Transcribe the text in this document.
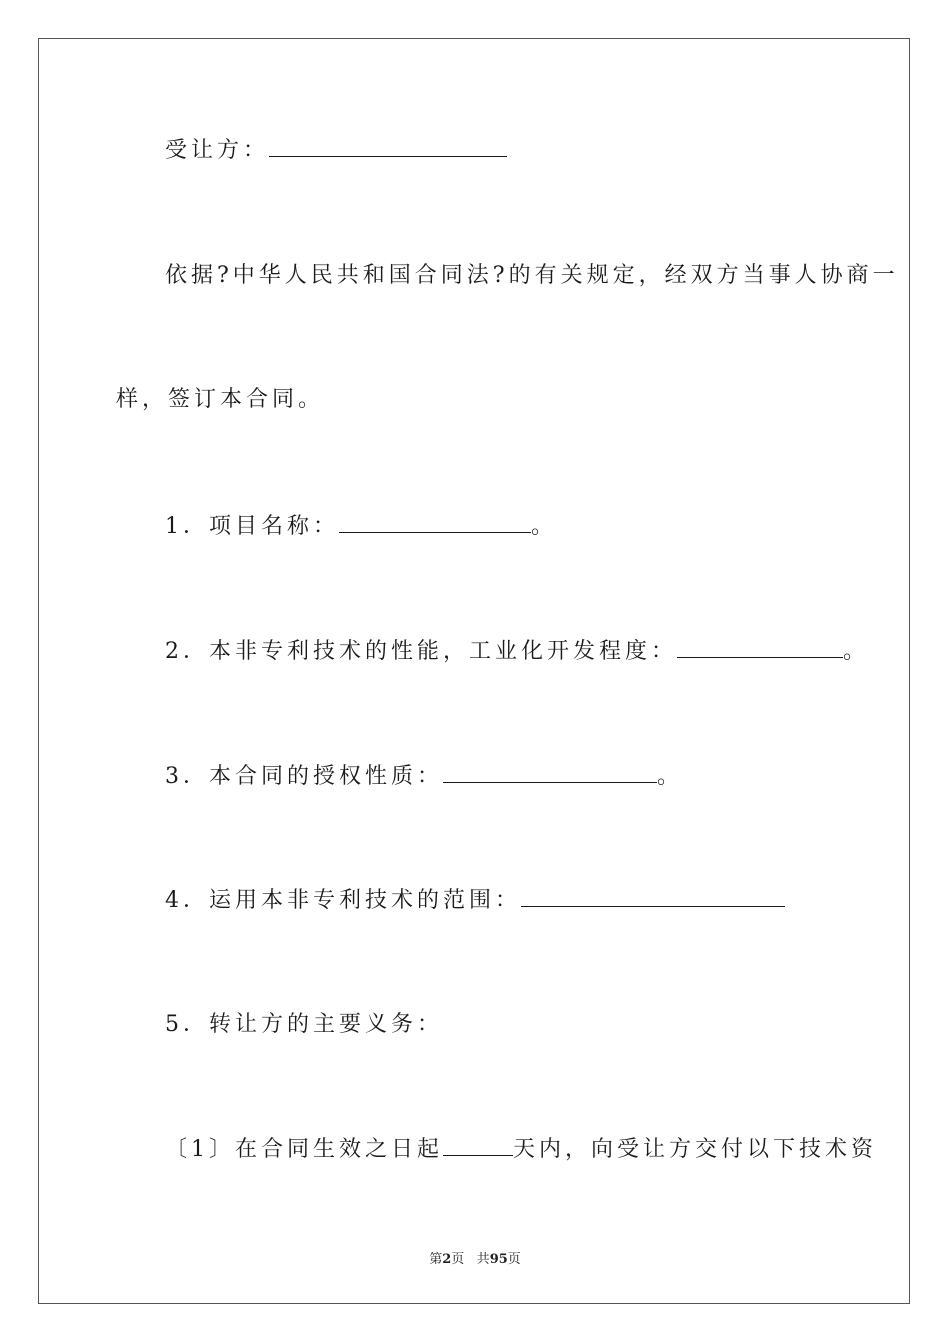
受让方：
依据?中华人民共和国合同法?的有关规定，经双方当事人协商一
样，签订本合同。
1．项目名称：	。
2．本非专利技术的性能，工业化开发程度：	。
3．本合同的授权性质：	。
4．运用本非专利技术的范围：
5．转让方的主要义务：
〔1〕在合同生效之日起	天内，向受让方交付以下技术资
第2页 共95页
